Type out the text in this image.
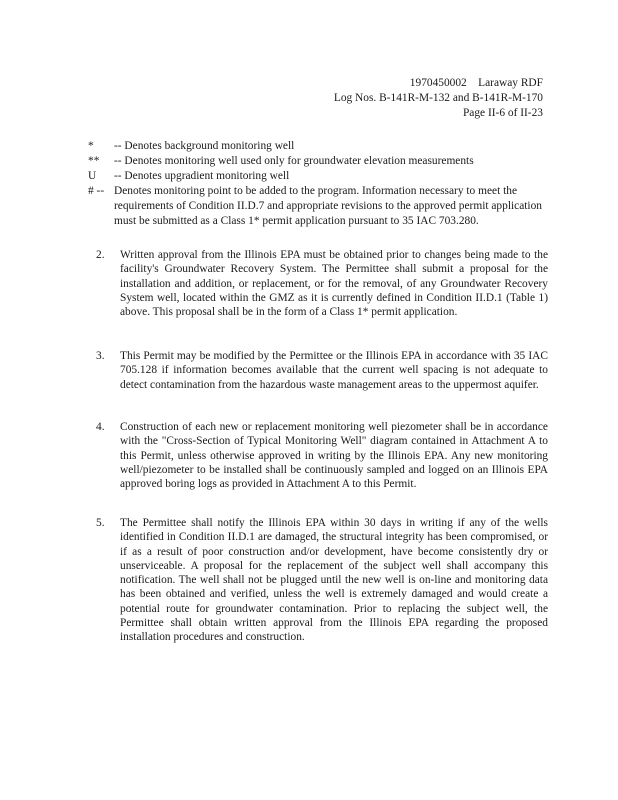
1970450002    Laraway RDF
Log Nos. B-141R-M-132 and B-141R-M-170
Page II-6 of II-23
*	-- Denotes background monitoring well
**	-- Denotes monitoring well used only for groundwater elevation measurements
U	-- Denotes upgradient monitoring well
# -- Denotes monitoring point to be added to the program. Information necessary to meet the requirements of Condition II.D.7 and appropriate revisions to the approved permit application must be submitted as a Class 1* permit application pursuant to 35 IAC 703.280.
2.	Written approval from the Illinois EPA must be obtained prior to changes being made to the facility's Groundwater Recovery System. The Permittee shall submit a proposal for the installation and addition, or replacement, or for the removal, of any Groundwater Recovery System well, located within the GMZ as it is currently defined in Condition II.D.1 (Table 1) above. This proposal shall be in the form of a Class 1* permit application.
3.	This Permit may be modified by the Permittee or the Illinois EPA in accordance with 35 IAC 705.128 if information becomes available that the current well spacing is not adequate to detect contamination from the hazardous waste management areas to the uppermost aquifer.
4.	Construction of each new or replacement monitoring well piezometer shall be in accordance with the "Cross-Section of Typical Monitoring Well" diagram contained in Attachment A to this Permit, unless otherwise approved in writing by the Illinois EPA. Any new monitoring well/piezometer to be installed shall be continuously sampled and logged on an Illinois EPA approved boring logs as provided in Attachment A to this Permit.
5.	The Permittee shall notify the Illinois EPA within 30 days in writing if any of the wells identified in Condition II.D.1 are damaged, the structural integrity has been compromised, or if as a result of poor construction and/or development, have become consistently dry or unserviceable. A proposal for the replacement of the subject well shall accompany this notification. The well shall not be plugged until the new well is on-line and monitoring data has been obtained and verified, unless the well is extremely damaged and would create a potential route for groundwater contamination. Prior to replacing the subject well, the Permittee shall obtain written approval from the Illinois EPA regarding the proposed installation procedures and construction.
